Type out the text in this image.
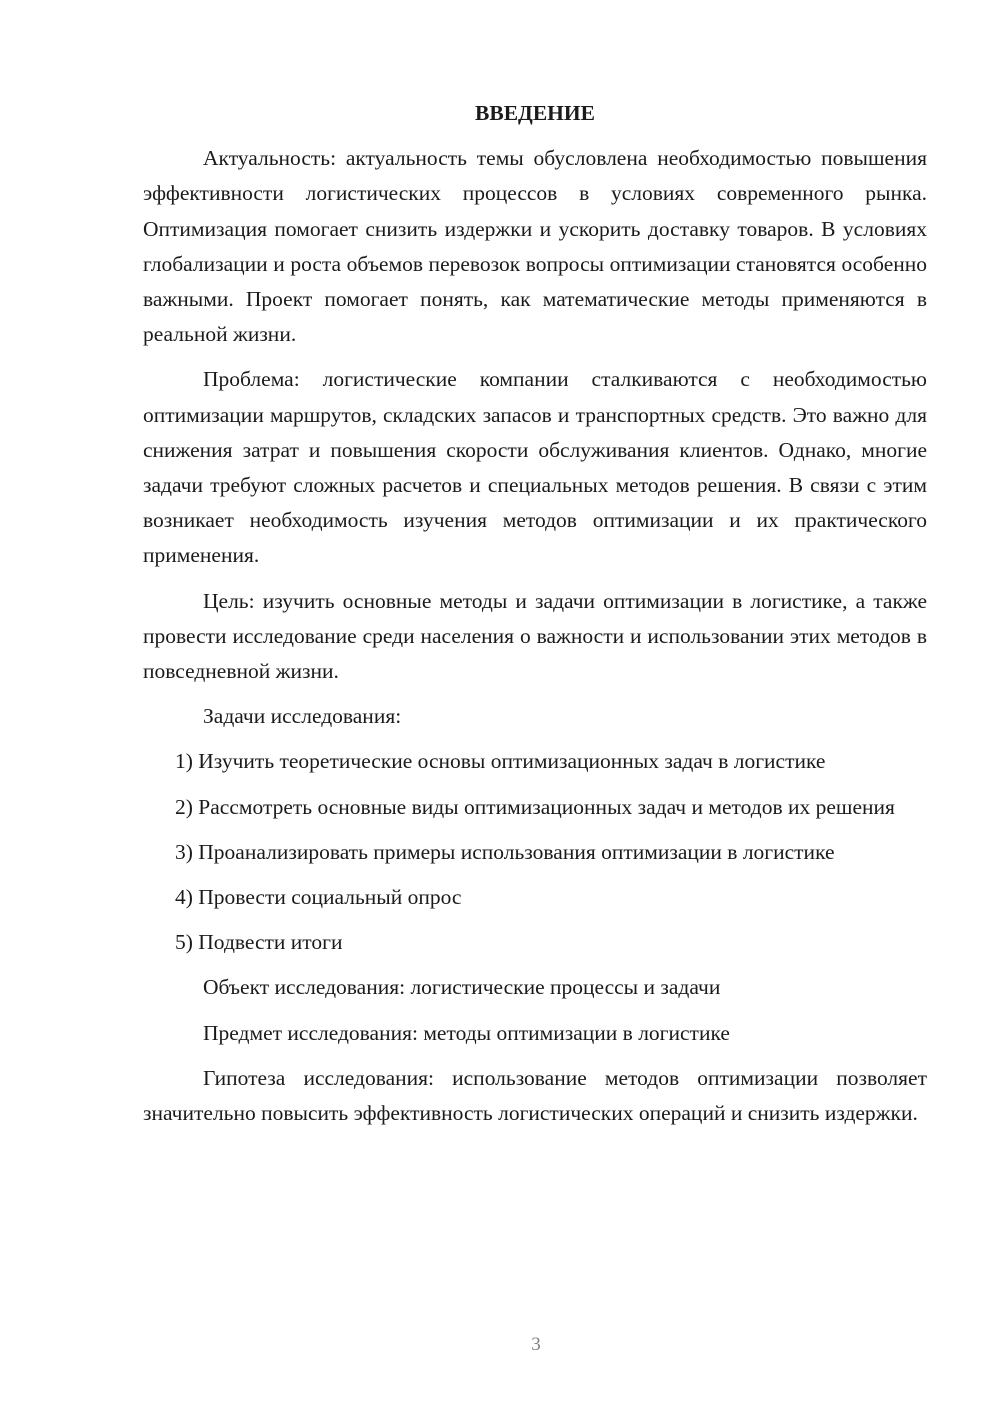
ВВЕДЕНИЕ
Актуальность: актуальность темы обусловлена необходимостью повышения эффективности логистических процессов в условиях современного рынка. Оптимизация помогает снизить издержки и ускорить доставку товаров. В условиях глобализации и роста объемов перевозок вопросы оптимизации становятся особенно важными. Проект помогает понять, как математические методы применяются в реальной жизни.
Проблема: логистические компании сталкиваются с необходимостью оптимизации маршрутов, складских запасов и транспортных средств. Это важно для снижения затрат и повышения скорости обслуживания клиентов. Однако, многие задачи требуют сложных расчетов и специальных методов решения. В связи с этим возникает необходимость изучения методов оптимизации и их практического применения.
Цель: изучить основные методы и задачи оптимизации в логистике, а также провести исследование среди населения о важности и использовании этих методов в повседневной жизни.
Задачи исследования:
1) Изучить теоретические основы оптимизационных задач в логистике
2) Рассмотреть основные виды оптимизационных задач и методов их решения
3) Проанализировать примеры использования оптимизации в логистике
4) Провести социальный опрос
5) Подвести итоги
Объект исследования: логистические процессы и задачи
Предмет исследования: методы оптимизации в логистике
Гипотеза исследования: использование методов оптимизации позволяет значительно повысить эффективность логистических операций и снизить издержки.
3
